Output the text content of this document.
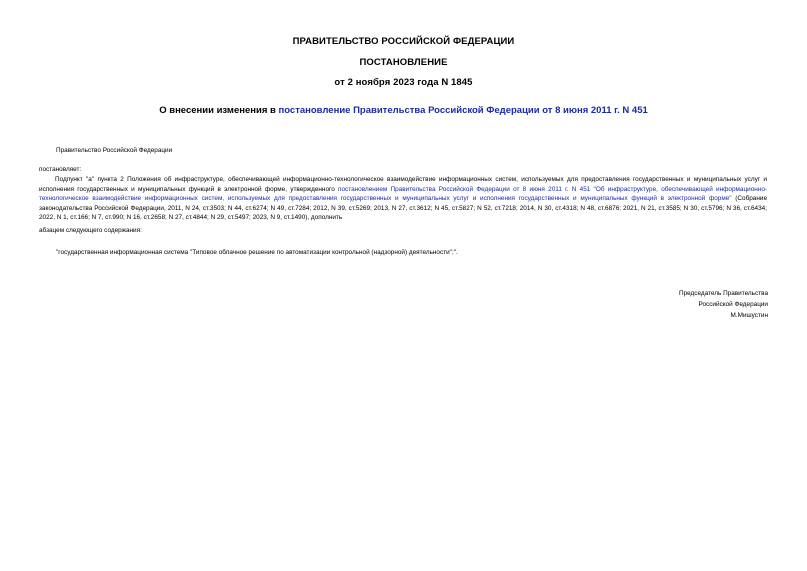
ПРАВИТЕЛЬСТВО РОССИЙСКОЙ ФЕДЕРАЦИИ
ПОСТАНОВЛЕНИЕ
от 2 ноября 2023 года N 1845
О внесении изменения в постановление Правительства Российской Федерации от 8 июня 2011 г. N 451
Правительство Российской Федерации
постановляет:
Подпункт "а" пункта 2 Положения об инфраструктуре, обеспечивающей информационно-технологическое взаимодействие информационных систем, используемых для предоставления государственных и муниципальных услуг и исполнения государственных и муниципальных функций в электронной форме, утвержденного постановлением Правительства Российской Федерации от 8 июня 2011 г. N 451 "Об инфраструктуре, обеспечивающей информационно-технологическое взаимодействие информационных систем, используемых для предоставления государственных и муниципальных услуг и исполнения государственных и муниципальных функций в электронной форме" (Собрание законодательства Российской Федерации, 2011, N 24, ст.3503; N 44, ст.6274; N 49, ст.7284; 2012, N 39, ст.5269; 2013, N 27, ст.3612; N 45, ст.5827; N 52, ст.7218; 2014, N 30, ст.4318; N 48, ст.6876; 2021, N 21, ст.3585; N 30, ст.5796; N 36, ст.6434; 2022, N 1, ст.166; N 7, ст.990; N 16, ст.2658; N 27, ст.4844; N 29, ст.5497; 2023, N 9, ст.1490), дополнить
абзацем следующего содержания:
"государственная информационная система "Типовое облачное решение по автоматизации контрольной (надзорной) деятельности";".
Председатель Правительства
Российской Федерации
М.Мишустин
